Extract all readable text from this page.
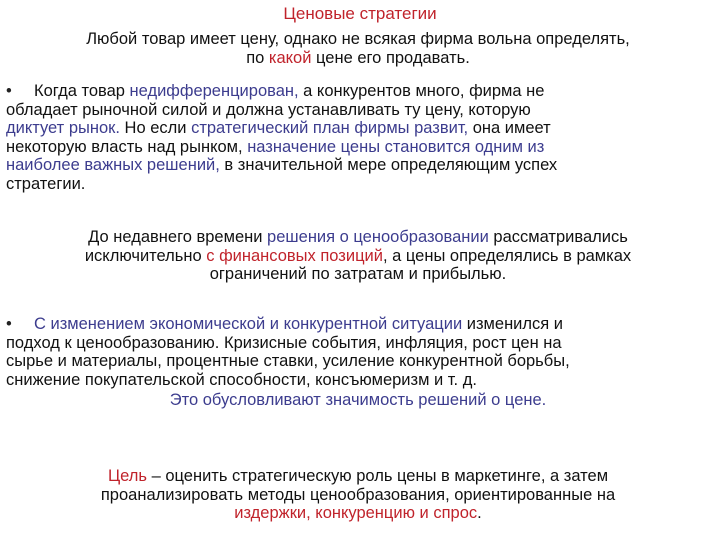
Ценовые стратегии
Любой товар имеет цену, однако не всякая фирма вольна определять,
по какой цене его продавать.
• Когда товар недифференцирован, а конкурентов много, фирма не
обладает рыночной силой и должна устанавливать ту цену, которую
диктует рынок. Но если стратегический план фирмы развит, она имеет
некоторую власть над рынком, назначение цены становится одним из
наиболее важных решений, в значительной мере определяющим успех
стратегии.
До недавнего времени решения о ценообразовании рассматривались
исключительно с финансовых позиций, а цены определялись в рамках
ограничений по затратам и прибылью.
• С изменением экономической и конкурентной ситуации изменился и
подход к ценообразованию. Кризисные события, инфляция, рост цен на
сырье и материалы, процентные ставки, усиление конкурентной борьбы,
снижение покупательской способности, консъюмеризм и т. д.
Это обусловливают значимость решений о цене.
Цель – оценить стратегическую роль цены в маркетинге, а затем
проанализировать методы ценообразования, ориентированные на
издержки, конкуренцию и спрос.
